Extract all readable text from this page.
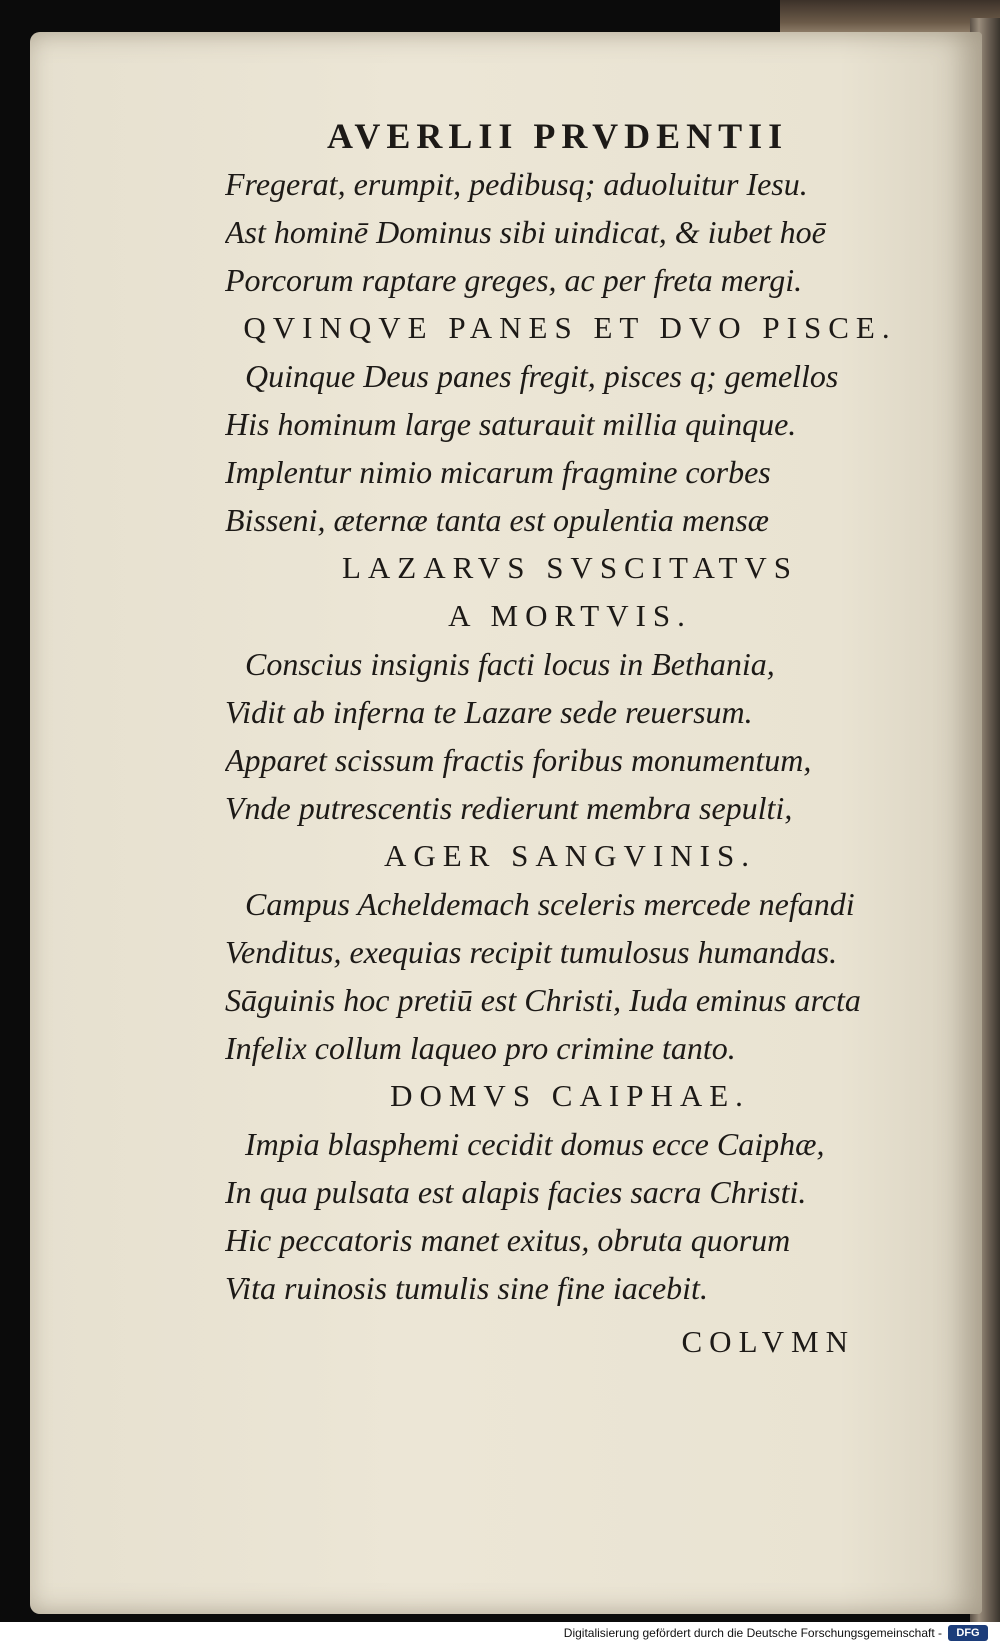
AVERLII PRVDENTII
Fregerat, erumpit, pedibusq; aduoluitur Iesu.
Ast hominē Dominus sibi uindicat, & iubet hoē
Porcorum raptare greges, ac per freta mergi.
QVINQVE PANES ET DVO PISCE.
Quinque Deus panes fregit, pisces q; gemellos
His hominum large saturauit millia quinque.
Implentur nimio micarum fragmine corbes
Bisseni, æternæ tanta est opulentia mensæ
LAZARVS SVSCITATVS
A MORTVIS.
Conscius insignis facti locus in Bethania,
Vidit ab inferna te Lazare sede reuersum.
Apparet scissum fractis foribus monumentum,
Vnde putrescentis redierunt membra sepulti,
AGER SANGVINIS.
Campus Acheldemach sceleris mercede nefandi
Venditus, exequias recipit tumulosus humandas.
Sāguinis hoc pretiū est Christi, Iuda eminus arcta
Infelix collum laqueo pro crimine tanto.
DOMVS CAIPHAE.
Impia blasphemi cecidit domus ecce Caiphæ,
In qua pulsata est alapis facies sacra Christi.
Hic peccatoris manet exitus, obruta quorum
Vita ruinosis tumulis sine fine iacebit.
COLVMN
Digitalisierung gefördert durch die Deutsche Forschungsgemeinschaft -	DFG
